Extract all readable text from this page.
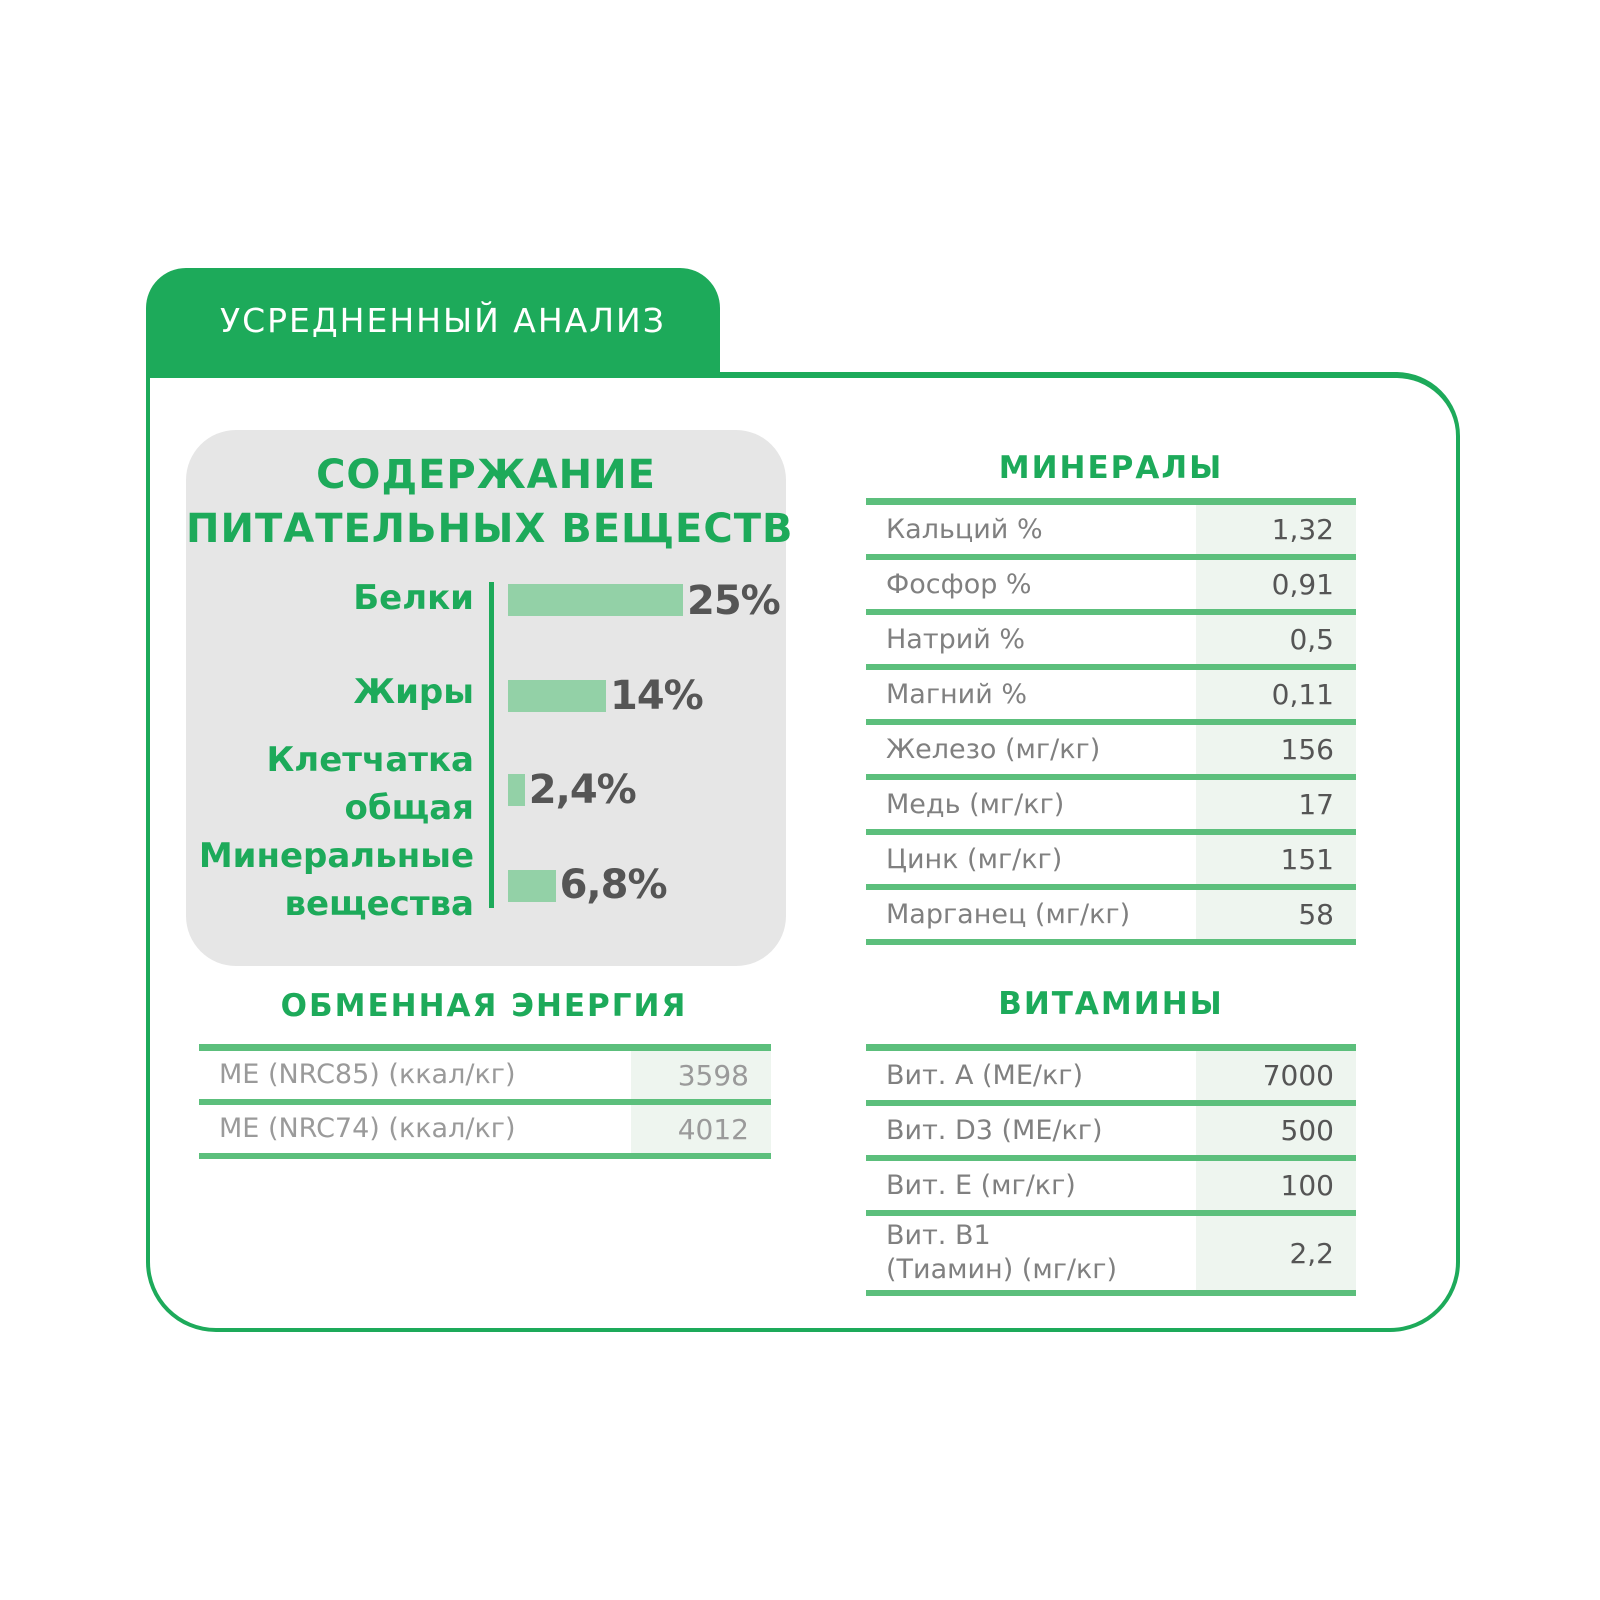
УСРЕДНЕННЫЙ АНАЛИЗ
СОДЕРЖАНИЕ
ПИТАТЕЛЬНЫХ ВЕЩЕСТВ
Белки	25%
Жиры	14%
Клетчатка
общая 2,4%
Минеральные
вещества 6,8%
ОБМЕННАЯ ЭНЕРГИЯ
ME (NRC85) (ккал/кг)	3598
ME (NRC74) (ккал/кг)	4012
МИНЕРАЛЫ
Кальций %	1,32
Фосфор %	0,91
Натрий %	0,5
Магний %	0,11
Железо (мг/кг)	156
Медь (мг/кг)	17
Цинк (мг/кг)	151
Марганец (мг/кг)	58
ВИТАМИНЫ
Вит. А (МЕ/кг)	7000
Вит. D3 (МЕ/кг)	500
Вит. Е (мг/кг)	100
Вит. В1 (Тиамин) (мг/кг)	2,2
